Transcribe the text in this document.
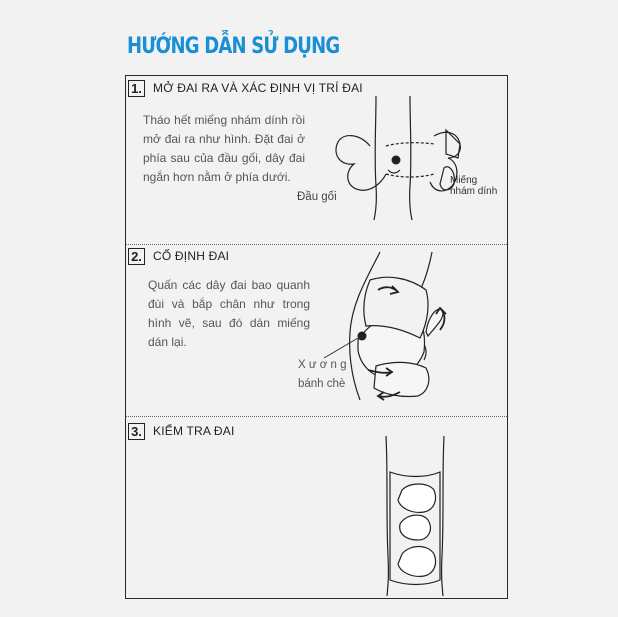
HƯỚNG DẪN SỬ DỤNG
1. MỞ ĐAI RA VÀ XÁC ĐỊNH VỊ TRÍ ĐAI
Tháo hết miếng nhám dính rồi mở đai ra như hình. Đặt đai ở phía sau của đầu gối, dây đai ngắn hơn nằm ở phía dưới.
Đầu gối
Miếng
nhám dính
2. CỐ ĐỊNH ĐAI
Quấn các dây đai bao quanh đùi và bắp chân như trong hình vẽ, sau đó dán miếng dán lại.
X ư ơ n g
bánh chè
3. KIỂM TRA ĐAI
